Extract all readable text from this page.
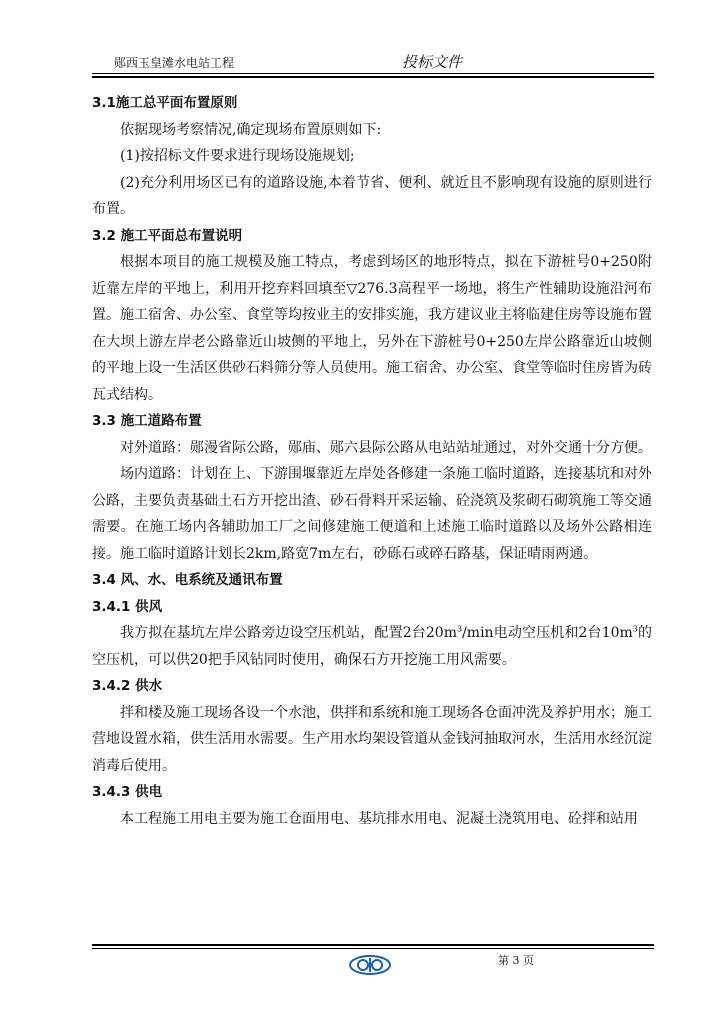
郧西玉皇滩水电站工程	投标文件

3.1施工总平面布置原则

依据现场考察情况,确定现场布置原则如下:

(1)按招标文件要求进行现场设施规划;

(2)充分利用场区已有的道路设施,本着节省、便利、就近且不影响现有设施的原则进行布置。

3.2 施工平面总布置说明

根据本项目的施工规模及施工特点，考虑到场区的地形特点，拟在下游桩号0+250附近靠左岸的平地上，利用开挖弃料回填至▽276.3高程平一场地，将生产性辅助设施沿河布置。施工宿舍、办公室、食堂等均按业主的安排实施，我方建议业主将临建住房等设施布置在大坝上游左岸老公路靠近山坡侧的平地上，另外在下游桩号0+250左岸公路靠近山坡侧的平地上设一生活区供砂石料筛分等人员使用。施工宿舍、办公室、食堂等临时住房皆为砖瓦式结构。

3.3 施工道路布置

对外道路：郧漫省际公路，郧庙、郧六县际公路从电站站址通过，对外交通十分方便。

场内道路：计划在上、下游围堰靠近左岸处各修建一条施工临时道路，连接基坑和对外公路，主要负责基础土石方开挖出渣、砂石骨料开采运输、砼浇筑及浆砌石砌筑施工等交通需要。在施工场内各辅助加工厂之间修建施工便道和上述施工临时道路以及场外公路相连接。施工临时道路计划长2km,路宽7m左右，砂砾石或碎石路基，保证晴雨两通。

3.4 风、水、电系统及通讯布置

3.4.1 供风

我方拟在基坑左岸公路旁边设空压机站，配置2台$20m^3/\min$电动空压机和2台$10m^3$的空压机，可以供20把手风钻同时使用，确保石方开挖施工用风需要。

3.4.2 供水

拌和楼及施工现场各设一个水池，供拌和系统和施工现场各仓面冲洗及养护用水；施工营地设置水箱，供生活用水需要。生产用水均架设管道从金钱河抽取河水，生活用水经沉淀消毒后使用。

3.4.3 供电

本工程施工用电主要为施工仓面用电、基坑排水用电、泥凝土浇筑用电、砼拌和站用

第 3 页
